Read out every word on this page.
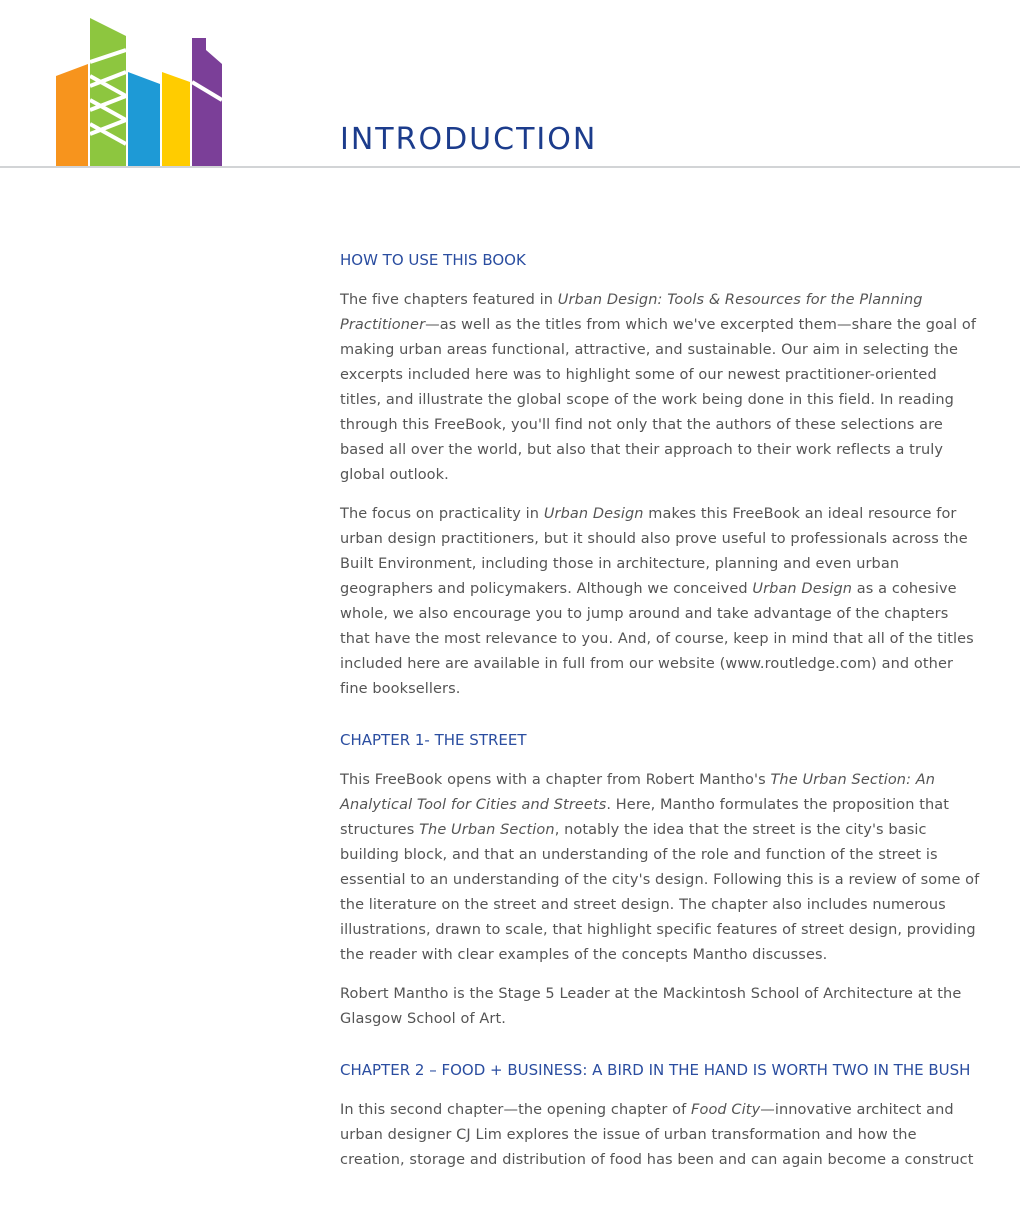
INTRODUCTION
HOW TO USE THIS BOOK

The five chapters featured in Urban Design: Tools & Resources for the Planning Practitioner—as well as the titles from which we've excerpted them—share the goal of making urban areas functional, attractive, and sustainable. Our aim in selecting the excerpts included here was to highlight some of our newest practitioner-oriented titles, and illustrate the global scope of the work being done in this field. In reading through this FreeBook, you'll find not only that the authors of these selections are based all over the world, but also that their approach to their work reflects a truly global outlook.

The focus on practicality in Urban Design makes this FreeBook an ideal resource for urban design practitioners, but it should also prove useful to professionals across the Built Environment, including those in architecture, planning and even urban geographers and policymakers. Although we conceived Urban Design as a cohesive whole, we also encourage you to jump around and take advantage of the chapters that have the most relevance to you. And, of course, keep in mind that all of the titles included here are available in full from our website (www.routledge.com) and other fine booksellers.

CHAPTER 1- THE STREET

This FreeBook opens with a chapter from Robert Mantho's The Urban Section: An Analytical Tool for Cities and Streets. Here, Mantho formulates the proposition that structures The Urban Section, notably the idea that the street is the city's basic building block, and that an understanding of the role and function of the street is essential to an understanding of the city's design. Following this is a review of some of the literature on the street and street design. The chapter also includes numerous illustrations, drawn to scale, that highlight specific features of street design, providing the reader with clear examples of the concepts Mantho discusses.

Robert Mantho is the Stage 5 Leader at the Mackintosh School of Architecture at the Glasgow School of Art.

CHAPTER 2 – FOOD + BUSINESS: A BIRD IN THE HAND IS WORTH TWO IN THE BUSH

In this second chapter—the opening chapter of Food City—innovative architect and urban designer CJ Lim explores the issue of urban transformation and how the creation, storage and distribution of food has been and can again become a construct
